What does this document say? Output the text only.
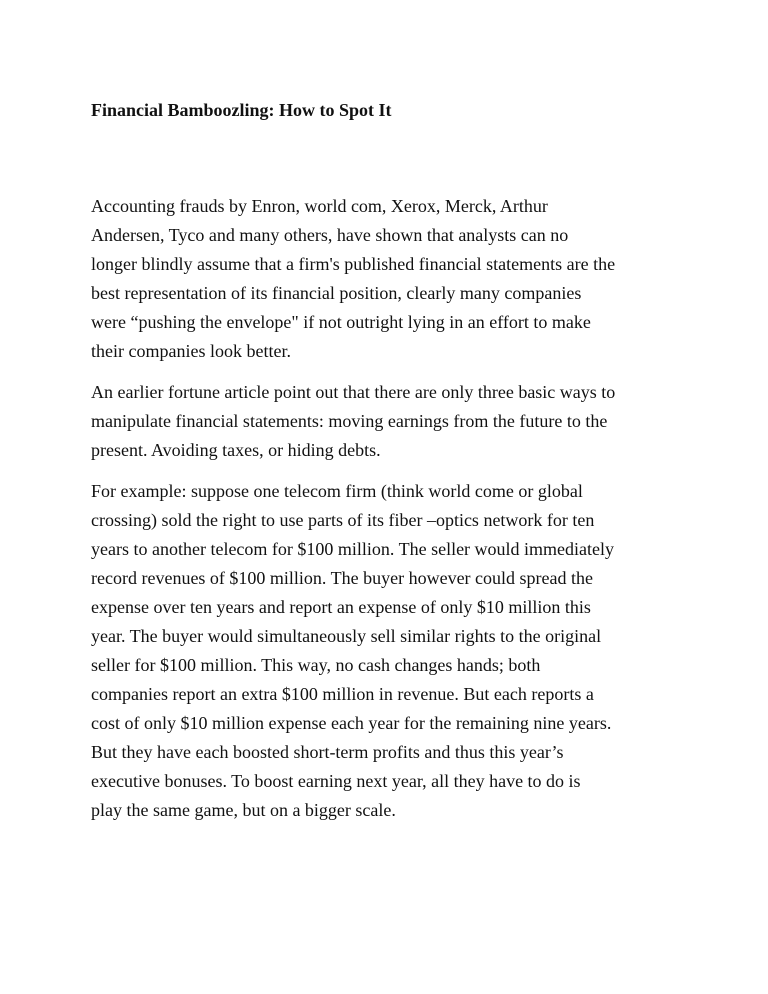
Financial Bamboozling: How to Spot It

Accounting frauds by Enron, world com, Xerox, Merck, Arthur
Andersen, Tyco and many others, have shown that analysts can no
longer blindly assume that a firm's published financial statements are the
best representation of its financial position, clearly many companies
were “pushing the envelope" if not outright lying in an effort to make
their companies look better.

An earlier fortune article point out that there are only three basic ways to
manipulate financial statements: moving earnings from the future to the
present. Avoiding taxes, or hiding debts.

For example: suppose one telecom firm (think world come or global
crossing) sold the right to use parts of its fiber –optics network for ten
years to another telecom for $100 million. The seller would immediately
record revenues of $100 million. The buyer however could spread the
expense over ten years and report an expense of only $10 million this
year. The buyer would simultaneously sell similar rights to the original
seller for $100 million. This way, no cash changes hands; both
companies report an extra $100 million in revenue. But each reports a
cost of only $10 million expense each year for the remaining nine years.
But they have each boosted short-term profits and thus this year’s
executive bonuses. To boost earning next year, all they have to do is
play the same game, but on a bigger scale.
